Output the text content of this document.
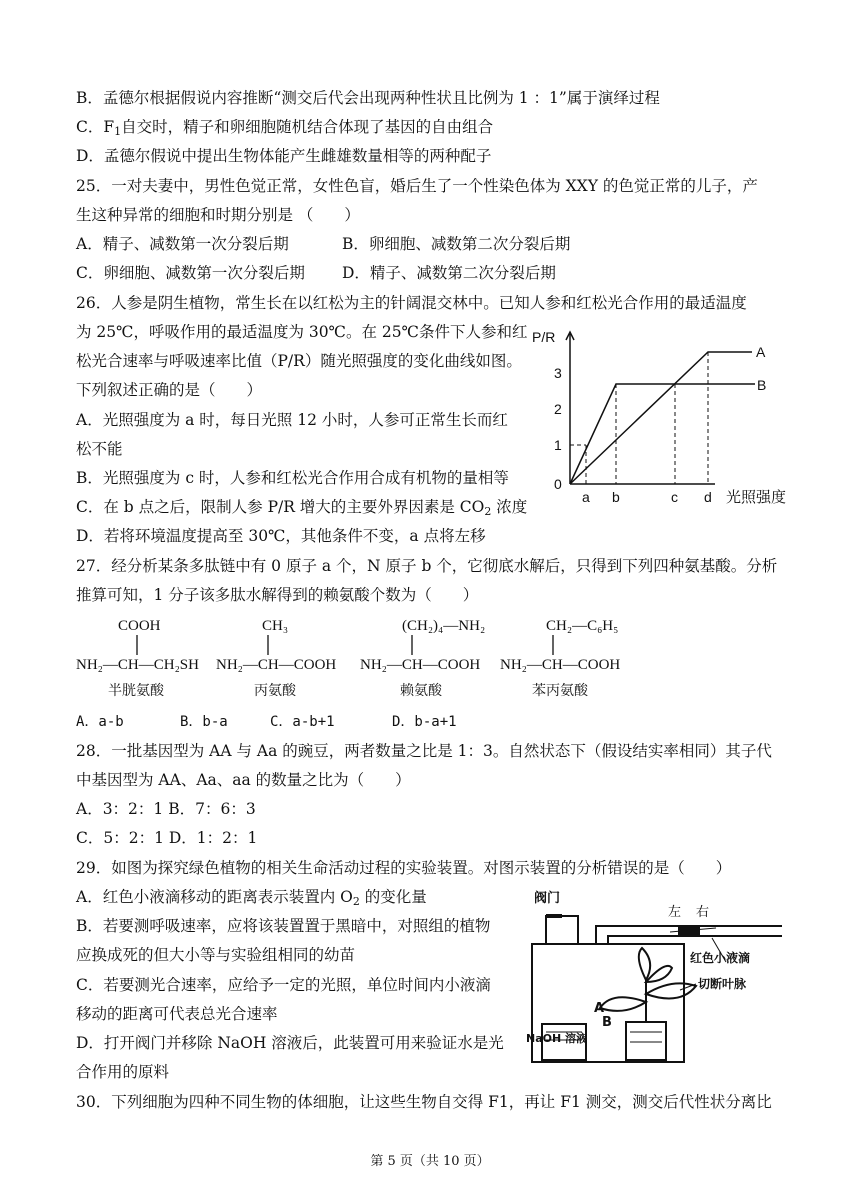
B．孟德尔根据假说内容推断“测交后代会出现两种性状且比例为 1 ：1”属于演绎过程
C．$F_1$自交时，精子和卵细胞随机结合体现了基因的自由组合
D．孟德尔假说中提出生物体能产生雌雄数量相等的两种配子
25．一对夫妻中，男性色觉正常，女性色盲，婚后生了一个性染色体为 XXY 的色觉正常的儿子，产
生这种异常的细胞和时期分别是 （　　）
A．精子、减数第一次分裂后期	B．卵细胞、减数第二次分裂后期
C．卵细胞、减数第一次分裂后期 D．精子、减数第二次分裂后期
26．人参是阴生植物，常生长在以红松为主的针阔混交林中。已知人参和红松光合作用的最适温度
为 25℃，呼吸作用的最适温度为 30℃。在 25℃条件下人参和红
松光合速率与呼吸速率比值（P/R）随光照强度的变化曲线如图。
下列叙述正确的是（　　）
A．光照强度为 a 时，每日光照 12 小时，人参可正常生长而红
松不能
B．光照强度为 c 时，人参和红松光合作用合成有机物的量相等
C．在 b 点之后，限制人参 P/R 增大的主要外界因素是 $CO_2$ 浓度
D．若将环境温度提高至 30℃，其他条件不变，a 点将左移
P/R
0
1
2
3
a b	c d 光照强度
A
B
27．经分析某条多肽链中有 0 原子 a 个，N 原子 b 个，它彻底水解后，只得到下列四种氨基酸。分析
推算可知，1 分子该多肽水解得到的赖氨酸个数为（　　）
COOH
NH₂—CH—CH₂SH
半胱氨酸
CH₃
NH₂—CH—COOH
丙氨酸
(CH₂)₄—NH₂
NH₂—CH—COOH
赖氨酸
CH₂—C₆H₅
NH₂—CH—COOH
苯丙氨酸
A．a-b	B．b-a	C．a-b+1	D．b-a+1
28．一批基因型为 AA 与 Aa 的豌豆，两者数量之比是 1：3。自然状态下（假设结实率相同）其子代
中基因型为 AA、Aa、aa 的数量之比为（　　）
A．3：2：1 B．7：6：3
C．5：2：1 D．1：2：1
29．如图为探究绿色植物的相关生命活动过程的实验装置。对图示装置的分析错误的是（　　）
A．红色小液滴移动的距离表示装置内 $O_2$ 的变化量
B．若要测呼吸速率，应将该装置置于黑暗中，对照组的植物
应换成死的但大小等与实验组相同的幼苗
C．若要测光合速率，应给予一定的光照，单位时间内小液滴
移动的距离可代表总光合速率
D．打开阀门并移除 NaOH 溶液后，此装置可用来验证水是光
合作用的原料
阀门
左 右
红色小液滴
切断叶脉
A
B
NaOH 溶液
30．下列细胞为四种不同生物的体细胞，让这些生物自交得 F1，再让 F1 测交，测交后代性状分离比
第 5 页（共 10 页）
